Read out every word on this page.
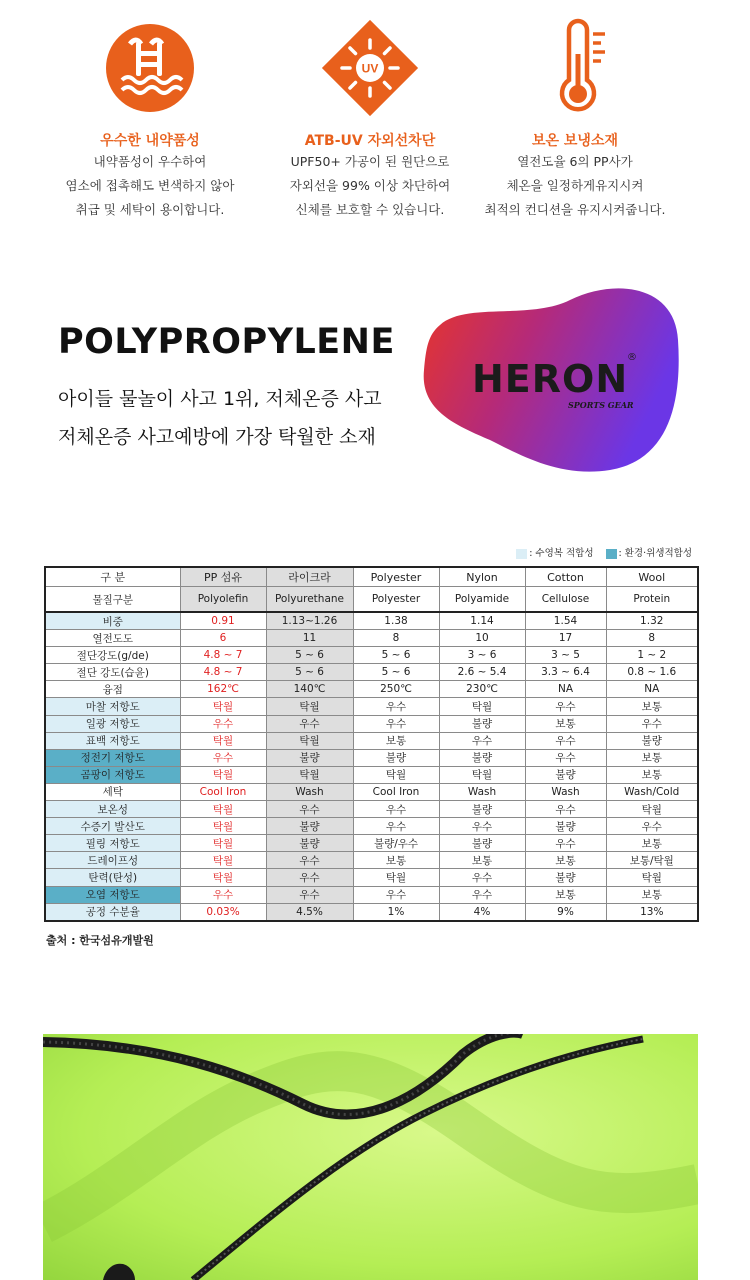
우수한 내약품성
내약품성이 우수하여
염소에 접촉해도 변색하지 않아
취급 및 세탁이 용이합니다.
UV
ATB-UV 자외선차단
UPF50+ 가공이 된 원단으로
자외선을 99% 이상 차단하여
신체를 보호할 수 있습니다.
보온 보냉소재
열전도율 6의 PP사가
체온을 일정하게유지시켜
최적의 컨디션을 유지시켜줍니다.
POLYPROPYLENE
아이들 물놀이 사고 1위, 저체온증 사고
저체온증 사고예방에 가장 탁월한 소재
HERON
®
SPORTS GEAR
: 수영복 적합성	: 환경·위생적합성
구 분	PP 섬유	라이크라	Polyester	Nylon	Cotton	Wool
물질구분	Polyolefin	Polyurethane	Polyester	Polyamide	Cellulose	Protein
비중	0.91	1.13~1.26	1.38	1.14	1.54	1.32
열전도도	6	11	8	10	17	8
절단강도(g/de)	4.8 ~ 7	5 ~ 6	5 ~ 6	3 ~ 6	3 ~ 5	1 ~ 2
절단 강도(습윤)	4.8 ~ 7	5 ~ 6	5 ~ 6	2.6 ~ 5.4	3.3 ~ 6.4	0.8 ~ 1.6
융점	162℃	140℃	250℃	230℃	NA	NA
마찰 저항도	탁월	탁월	우수	탁월	우수	보통
일광 저항도	우수	우수	우수	불량	보통	우수
표백 저항도	탁월	탁월	보통	우수	우수	불량
정전기 저항도	우수	불량	불량	불량	우수	보통
곰팡이 저항도	탁월	탁월	탁월	탁월	불량	보통
세탁	Cool Iron	Wash	Cool Iron	Wash	Wash	Wash/Cold
보온성	탁월	우수	우수	불량	우수	탁월
수증기 발산도	탁월	불량	우수	우수	불량	우수
필링 저항도	탁월	불량	불량/우수	불량	우수	보통
드레이프성	탁월	우수	보통	보통	보통	보통/탁월
탄력(탄성)	탁월	우수	탁월	우수	불량	탁월
오염 저항도	우수	우수	우수	우수	보통	보통
공정 수분율	0.03%	4.5%	1%	4%	9%	13%
출처 : 한국섬유개발원
